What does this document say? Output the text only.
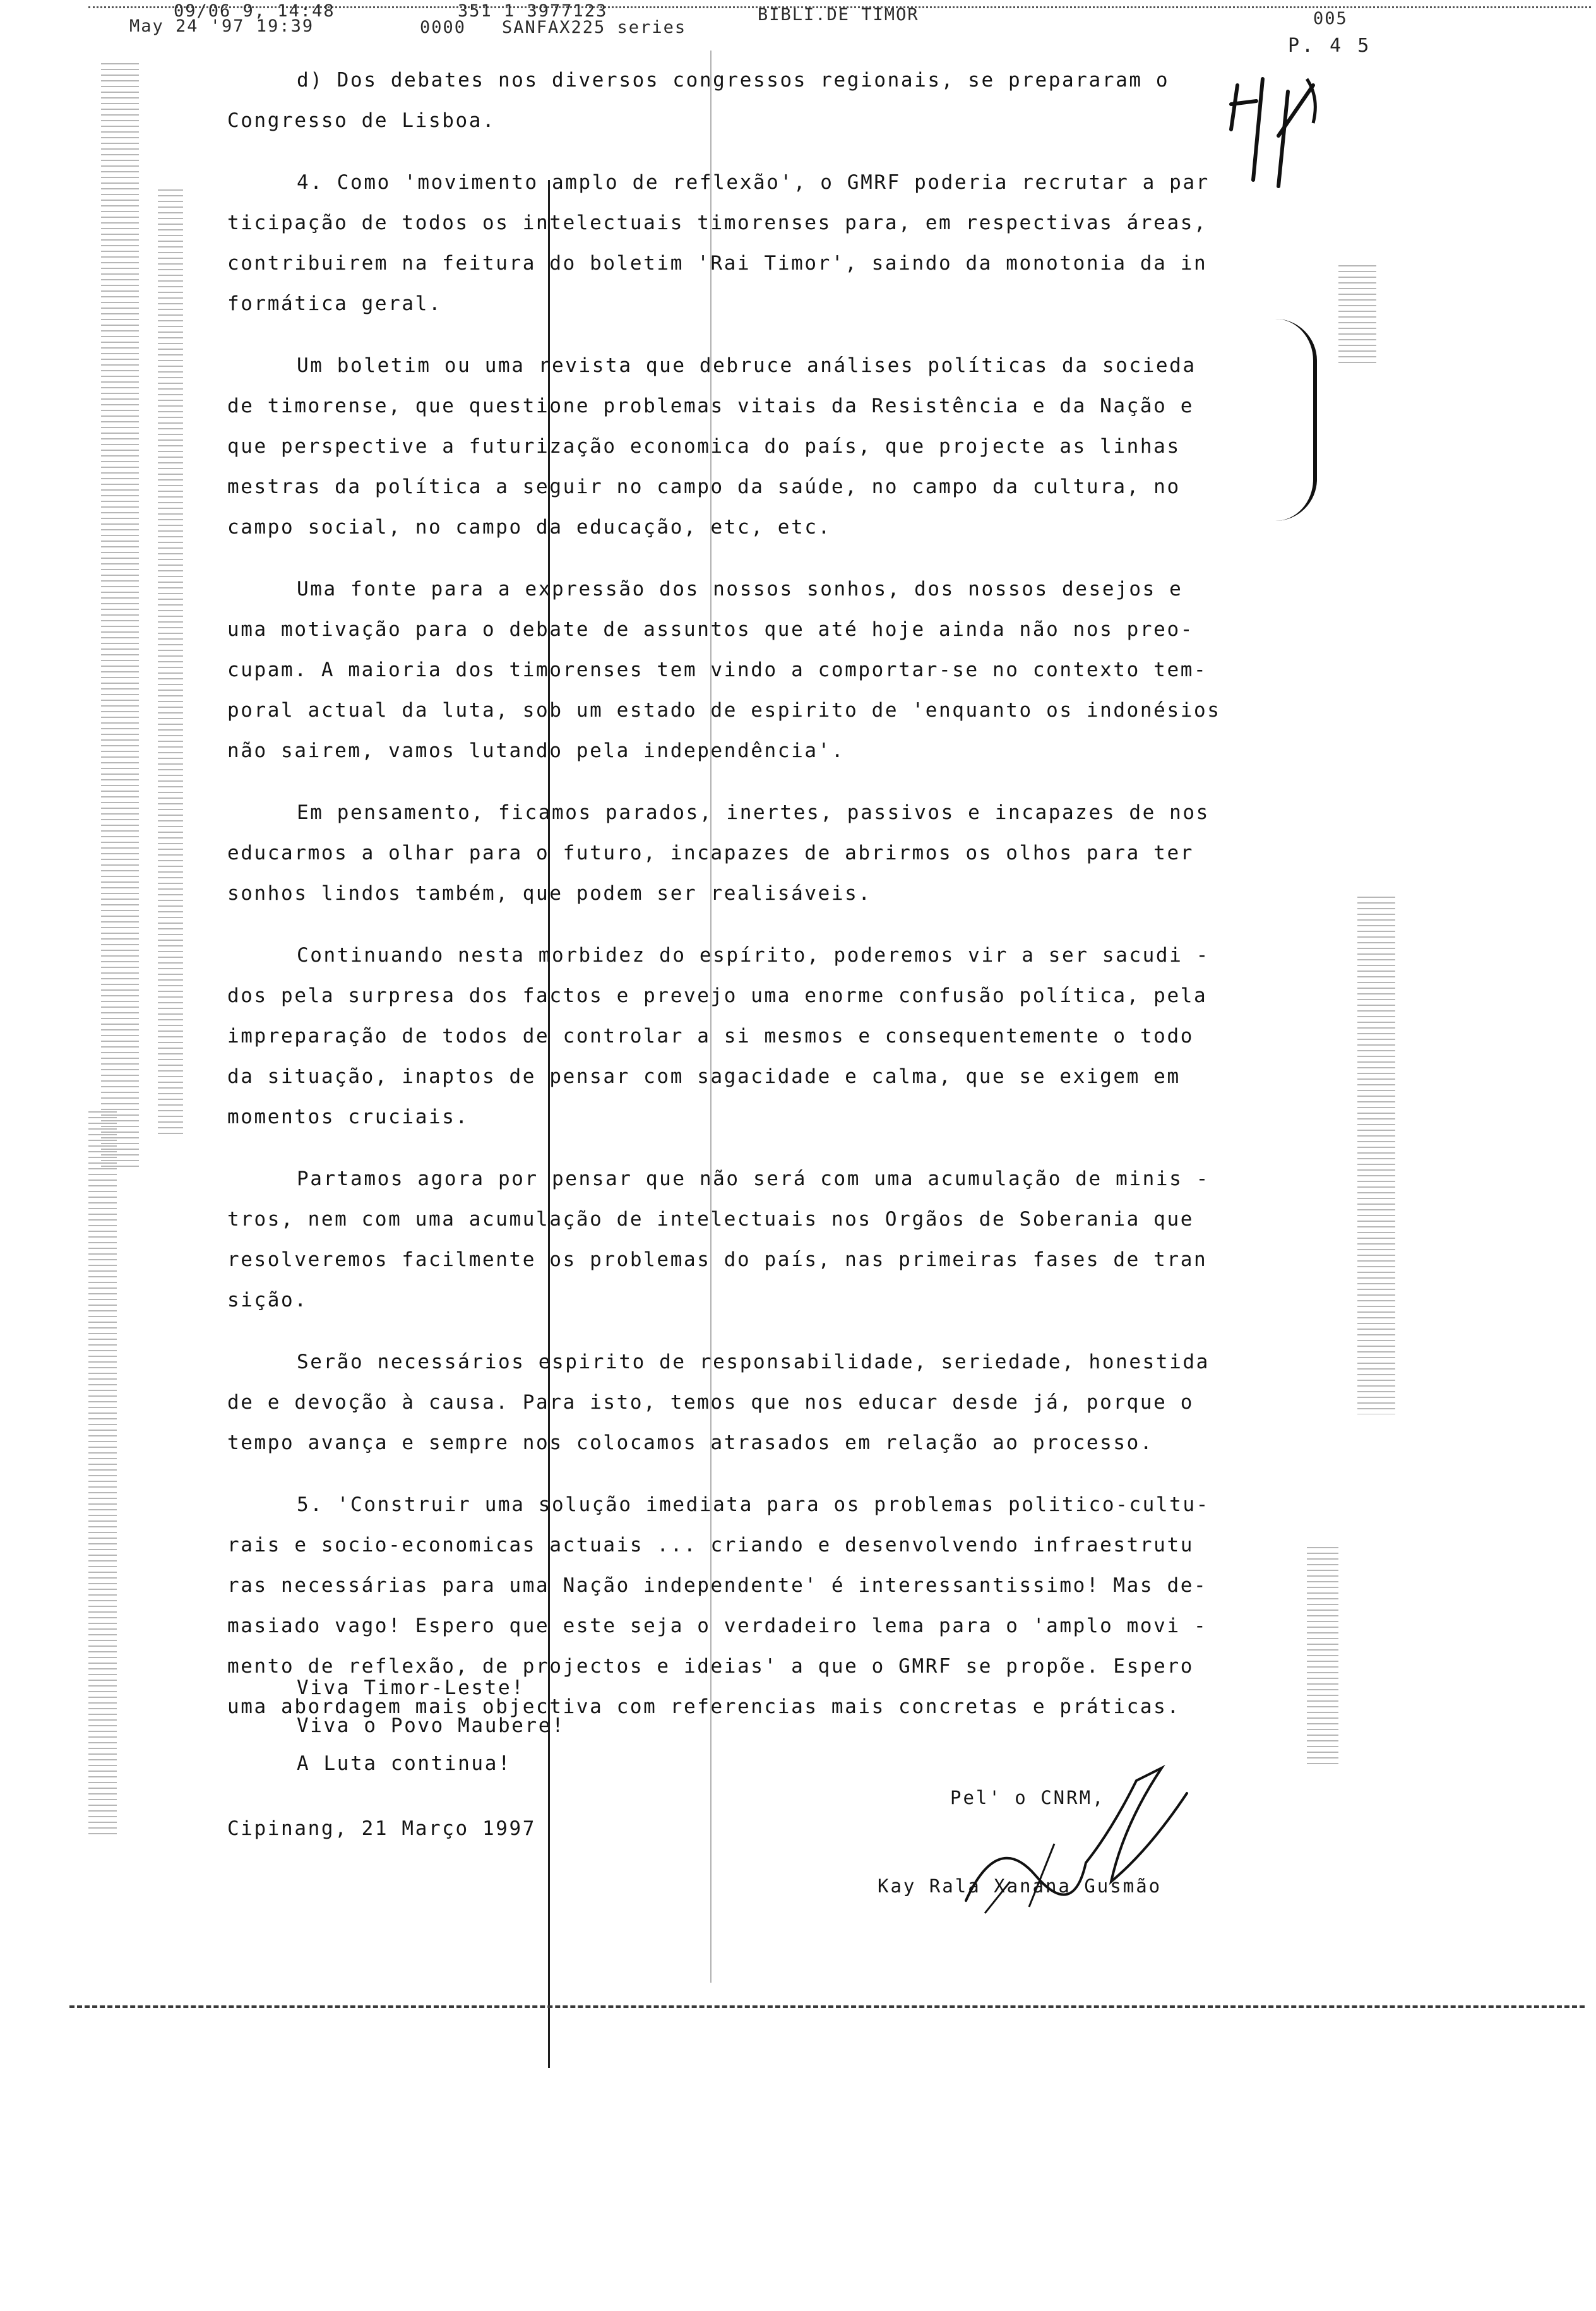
09/06 9, 14:48
May 24 '97 19:39
351 1 3977123
0000 SANFAX225 series
BIBLI.DE TIMOR	005
P. 4 5
d) Dos debates nos diversos congressos regionais, se prepararam o
Congresso de Lisboa.
4. Como 'movimento amplo de reflexão', o GMRF poderia recrutar a par
ticipação de todos os intelectuais timorenses para, em respectivas áreas,
contribuirem na feitura do boletim 'Rai Timor', saindo da monotonia da in
formática geral.
Um boletim ou uma revista que debruce análises políticas da socieda
de timorense, que questione problemas vitais da Resistência e da Nação e
que perspective a futurização economica do país, que projecte as linhas
mestras da política a seguir no campo da saúde, no campo da cultura, no
campo social, no campo da educação, etc, etc.
Uma fonte para a expressão dos nossos sonhos, dos nossos desejos e
uma motivação para o debate de assuntos que até hoje ainda não nos preo-
cupam. A maioria dos timorenses tem vindo a comportar-se no contexto tem-
poral actual da luta, sob um estado de espirito de 'enquanto os indonésios
não sairem, vamos lutando pela independência'.
Em pensamento, ficamos parados, inertes, passivos e incapazes de nos
educarmos a olhar para o futuro, incapazes de abrirmos os olhos para ter
sonhos lindos também, que podem ser realisáveis.
Continuando nesta morbidez do espírito, poderemos vir a ser sacudi -
dos pela surpresa dos factos e prevejo uma enorme confusão política, pela
impreparação de todos de controlar a si mesmos e consequentemente o todo
da situação, inaptos de pensar com sagacidade e calma, que se exigem em
momentos cruciais.
Partamos agora por pensar que não será com uma acumulação de minis -
tros, nem com uma acumulação de intelectuais nos Orgãos de Soberania que
resolveremos facilmente os problemas do país, nas primeiras fases de tran
sição.
Serão necessários espirito de responsabilidade, seriedade, honestida
de e devoção à causa. Para isto, temos que nos educar desde já, porque o
tempo avança e sempre nos colocamos atrasados em relação ao processo.
5. 'Construir uma solução imediata para os problemas politico-cultu-
rais e socio-economicas actuais ... criando e desenvolvendo infraestrutu
ras necessárias para uma Nação independente' é interessantissimo! Mas de-
masiado vago! Espero que este seja o verdadeiro lema para o 'amplo movi -
mento de reflexão, de projectos e ideias' a que o GMRF se propõe. Espero
uma abordagem mais objectiva com referencias mais concretas e práticas.
Viva Timor-Leste!
Viva o Povo Maubere!
A Luta continua!
Cipinang, 21 Março 1997
Pel' o CNRM,
Kay Rala Xanana Gusmão
